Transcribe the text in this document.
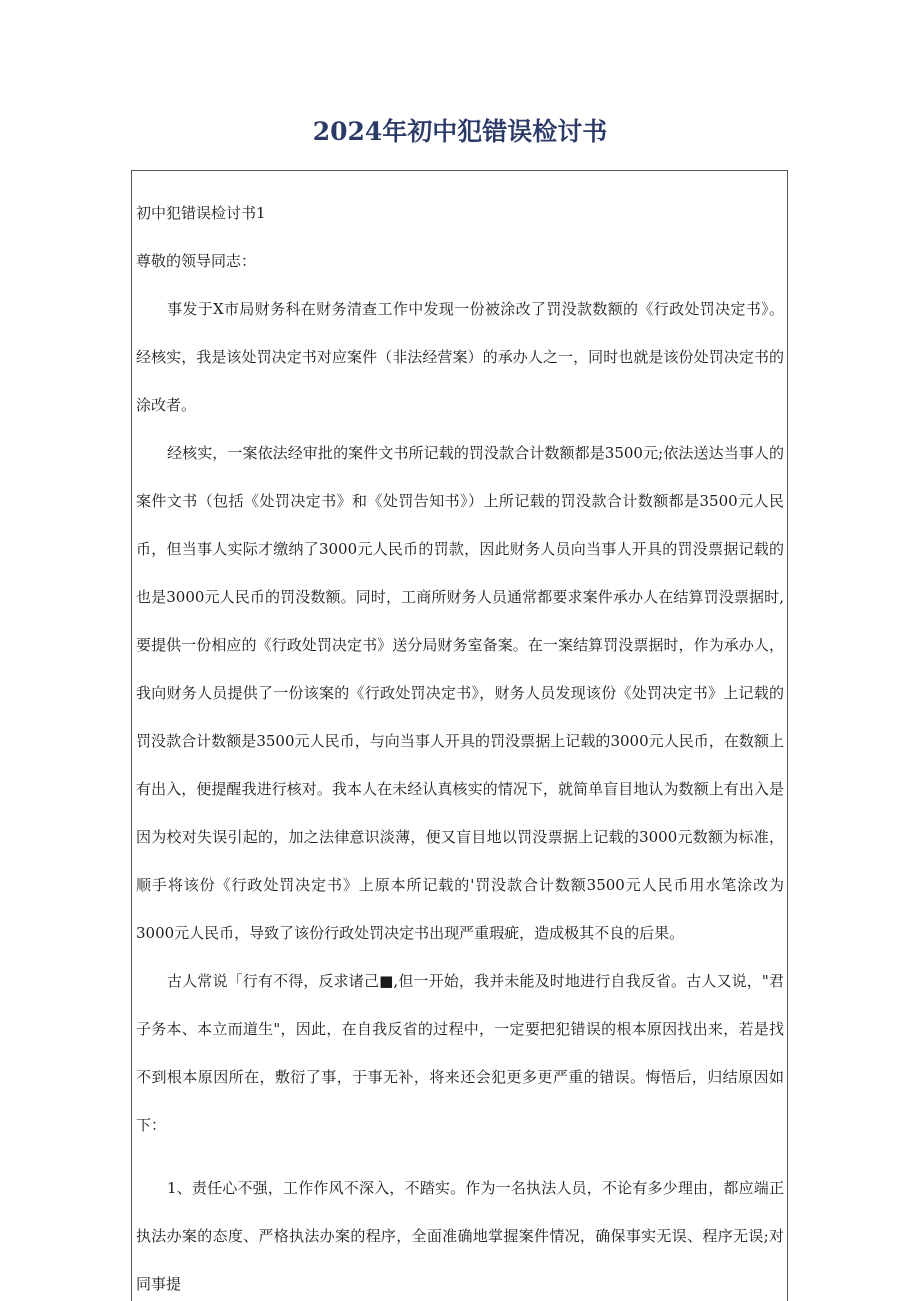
2024年初中犯错误检讨书

初中犯错误检讨书1

尊敬的领导同志：

事发于X市局财务科在财务清查工作中发现一份被涂改了罚没款数额的《行政处罚决定书》。经核实，我是该处罚决定书对应案件（非法经营案）的承办人之一，同时也就是该份处罚决定书的涂改者。

经核实，一案依法经审批的案件文书所记载的罚没款合计数额都是3500元;依法送达当事人的案件文书（包括《处罚决定书》和《处罚告知书》）上所记载的罚没款合计数额都是3500元人民币，但当事人实际才缴纳了3000元人民币的罚款，因此财务人员向当事人开具的罚没票据记载的也是3000元人民币的罚没数额。同时，工商所财务人员通常都要求案件承办人在结算罚没票据时,要提供一份相应的《行政处罚决定书》送分局财务室备案。在一案结算罚没票据时，作为承办人，我向财务人员提供了一份该案的《行政处罚决定书》，财务人员发现该份《处罚决定书》上记载的罚没款合计数额是3500元人民币，与向当事人开具的罚没票据上记载的3000元人民币，在数额上有出入，便提醒我进行核对。我本人在未经认真核实的情况下，就简单盲目地认为数额上有出入是因为校对失误引起的，加之法律意识淡薄，便又盲目地以罚没票据上记载的3000元数额为标准，顺手将该份《行政处罚决定书》上原本所记载的'罚没款合计数额3500元人民币用水笔涂改为3000元人民币，导致了该份行政处罚决定书出现严重瑕疵，造成极其不良的后果。

古人常说「行有不得，反求诸己■,但一开始，我并未能及时地进行自我反省。古人又说，"君子务本、本立而道生"，因此，在自我反省的过程中，一定要把犯错误的根本原因找出来，若是找不到根本原因所在，敷衍了事，于事无补，将来还会犯更多更严重的错误。悔悟后，归结原因如下：

1、责任心不强，工作作风不深入，不踏实。作为一名执法人员，不论有多少理由，都应端正执法办案的态度、严格执法办案的程序，全面准确地掌握案件情况，确保事实无误、程序无误;对同事提
